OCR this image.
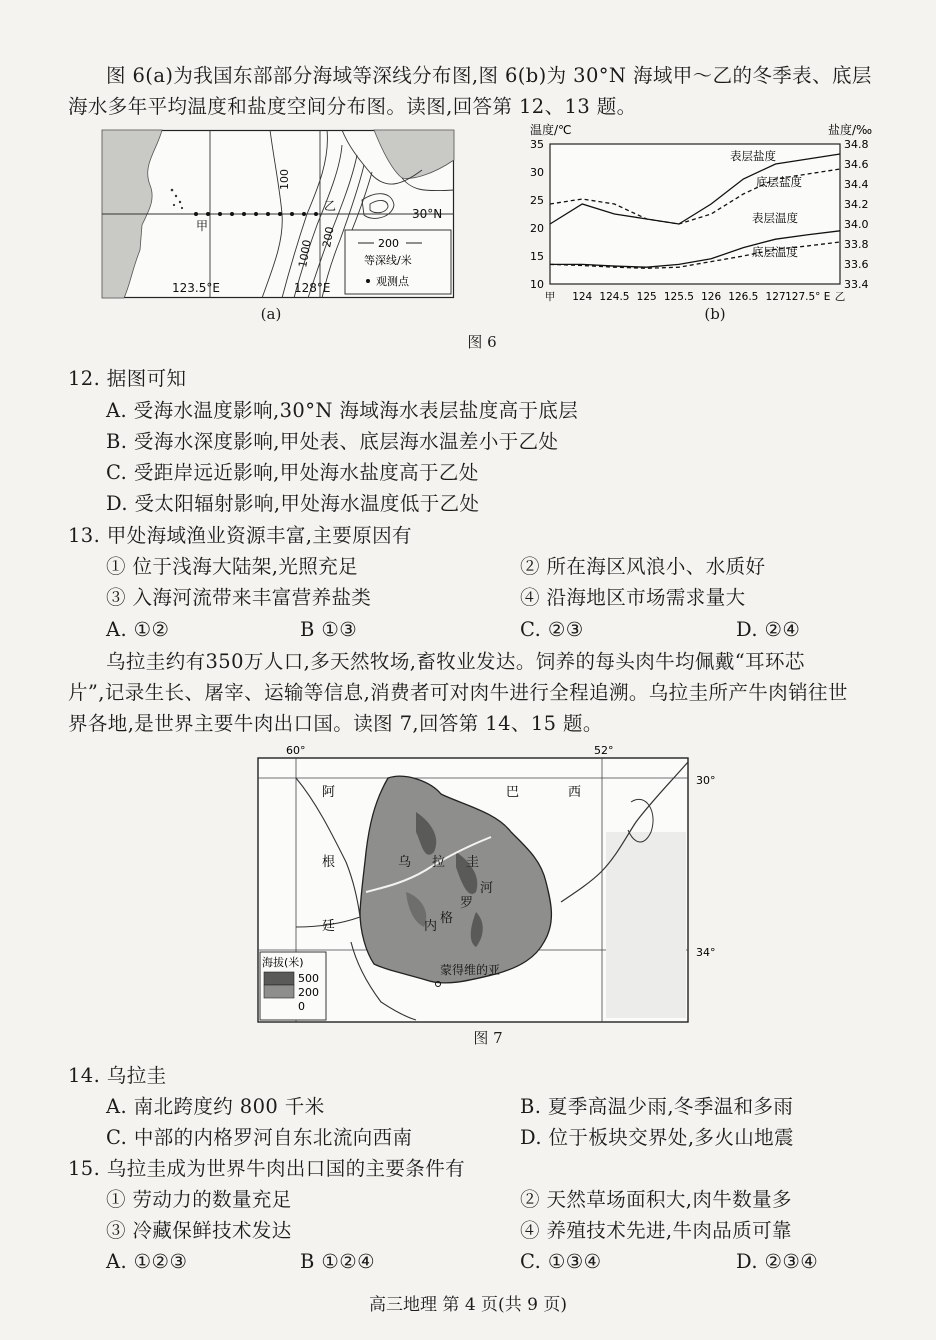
图 6(a)为我国东部部分海域等深线分布图,图 6(b)为 30°N 海域甲～乙的冬季表、底层
海水多年平均温度和盐度空间分布图。读图,回答第 12、13 题。
甲
乙
30°N
100
1000
200
123.5°E	128°E
200
等深线/米
观测点
(a)
温度/℃	盐度/‰
35
30
25
20
15
10
34.8
34.6
34.4
34.2
34.0
33.8
33.6
33.4
甲 124 124.5 125 125.5 126 126.5 127 127.5° E 乙
表层盐度
底层盐度
表层温度
底层温度
(b)
图 6
12. 据图可知
A. 受海水温度影响,30°N 海域海水表层盐度高于底层
B. 受海水深度影响,甲处表、底层海水温差小于乙处
C. 受距岸远近影响,甲处海水盐度高于乙处
D. 受太阳辐射影响,甲处海水温度低于乙处
13. 甲处海域渔业资源丰富,主要原因有
① 位于浅海大陆架,光照充足	② 所在海区风浪小、水质好
③ 入海河流带来丰富营养盐类	④ 沿海地区市场需求量大
A. ①②	B ①③	C. ②③	D. ②④
乌拉圭约有350万人口,多天然牧场,畜牧业发达。饲养的每头肉牛均佩戴“耳环芯
片”,记录生长、屠宰、运输等信息,消费者可对肉牛进行全程追溯。乌拉圭所产牛肉销往世
界各地,是世界主要牛肉出口国。读图 7,回答第 14、15 题。
60°	52°
30°
34°
阿
根
廷
巴	西
乌 拉 圭
内
格
罗
河
蒙得维的亚
海拔(米)
500
200
0
图 7
14. 乌拉圭
A. 南北跨度约 800 千米	B. 夏季高温少雨,冬季温和多雨
C. 中部的内格罗河自东北流向西南	D. 位于板块交界处,多火山地震
15. 乌拉圭成为世界牛肉出口国的主要条件有
① 劳动力的数量充足	② 天然草场面积大,肉牛数量多
③ 冷藏保鲜技术发达	④ 养殖技术先进,牛肉品质可靠
A. ①②③	B ①②④	C. ①③④	D. ②③④
高三地理 第 4 页(共 9 页)
